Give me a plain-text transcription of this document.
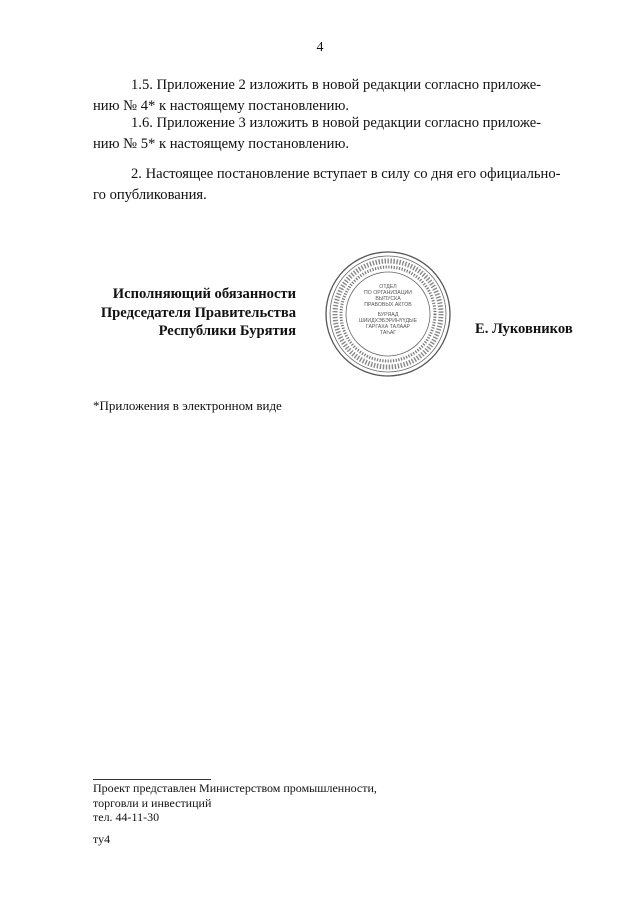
4
1.5. Приложение 2 изложить в новой редакции согласно приложе-
нию № 4* к настоящему постановлению.
1.6. Приложение 3 изложить в новой редакции согласно приложе-
нию № 5* к настоящему постановлению.
2. Настоящее постановление вступает в силу со дня его официально-
го опубликования.
Исполняющий обязанности
Председателя Правительства
Республики Бурятия
ОТДЕЛ
ПО ОРГАНИЗАЦИИ
ВЫПУСКА
ПРАВОВЫХ АКТОВ
БУРЯАД
ШИИДХЭБЭРИНҮҮДЫЕ
ГАРГАХА ТАЛААР
ТАҺАГ	Е. Луковников
*Приложения в электронном виде
Проект представлен Министерством промышленности,
торговли и инвестиций
тел. 44-11-30
ту4
